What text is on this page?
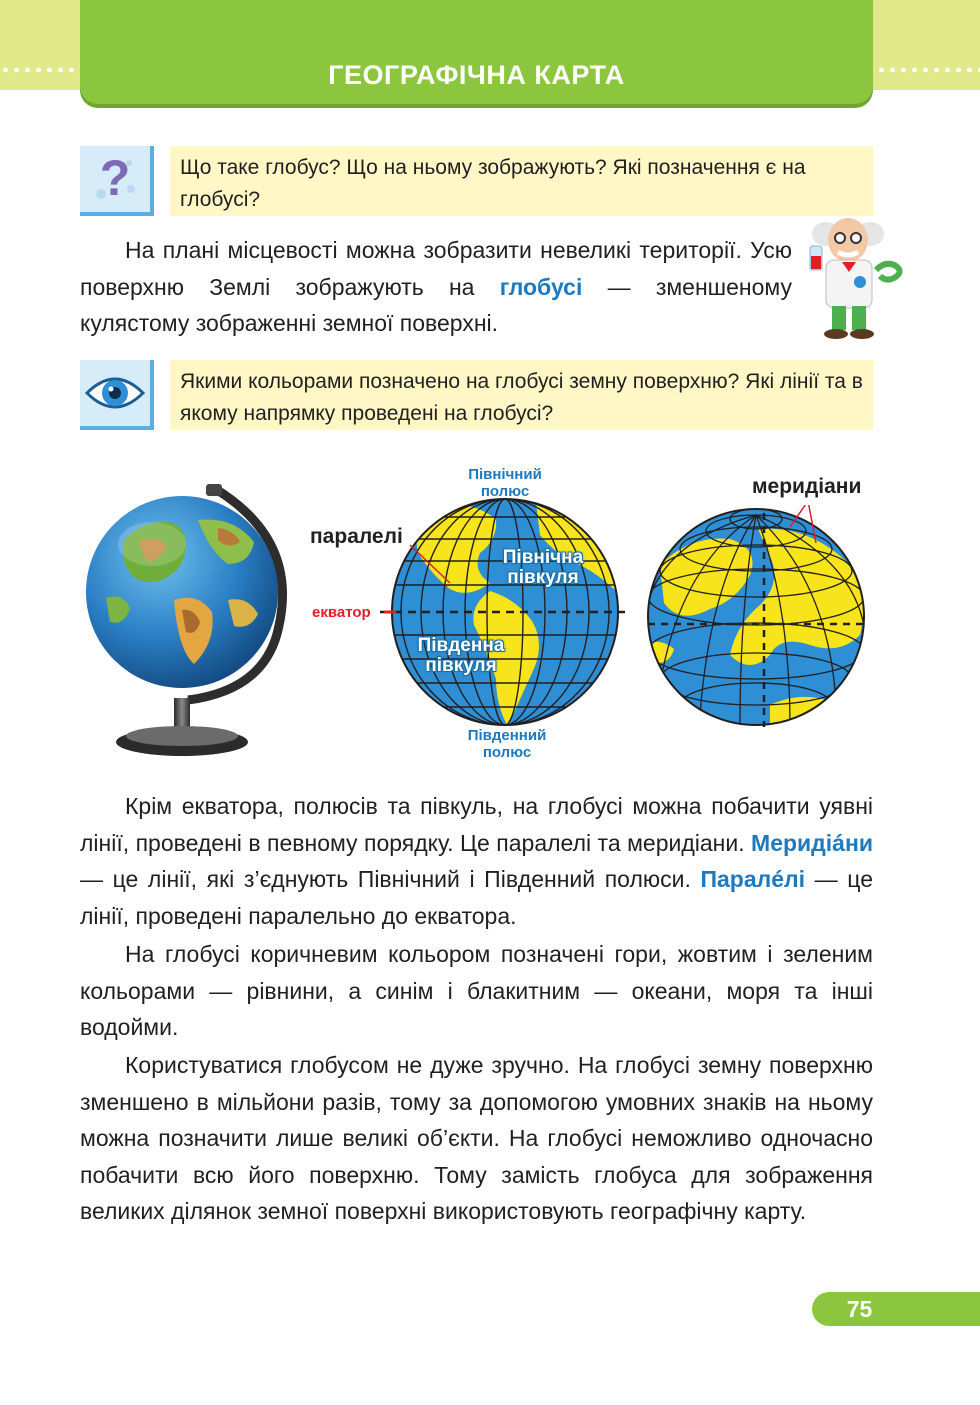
ГЕОГРАФІЧНА КАРТА
?	Що таке глобус? Що на ньому зображують? Які позначення є на глобусі?

На плані місцевості можна зобразити невеликі території. Усю поверхню Землі зображують на глобусі — зменшеному кулястому зображенні земної поверхні.

Якими кольорами позначено на глобусі земну поверхню? Які лінії та в якому напрямку проведені на глобусі?
Північний
полюс
паралелі
екватор
Північна
півкуля
Південна
півкуля
Південний
полюс
меридіани

Крім екватора, полюсів та півкуль, на глобусі можна побачити уявні лінії, проведені в певному порядку. Це паралелі та меридіани. Меридіáни — це лінії, які з’єднують Північний і Південний полюси. Паралéлі — це лінії, проведені паралельно до екватора.

На глобусі коричневим кольором позначені гори, жовтим і зеленим кольорами — рівнини, а синім і блакитним — океани, моря та інші водойми.

Користуватися глобусом не дуже зручно. На глобусі земну поверхню зменшено в мільйони разів, тому за допомогою умовних знаків на ньому можна позначити лише великі об’єкти. На глобусі неможливо одночасно побачити всю його поверхню. Тому замість глобуса для зображення великих ділянок земної поверхні використовують географічну карту.

75
